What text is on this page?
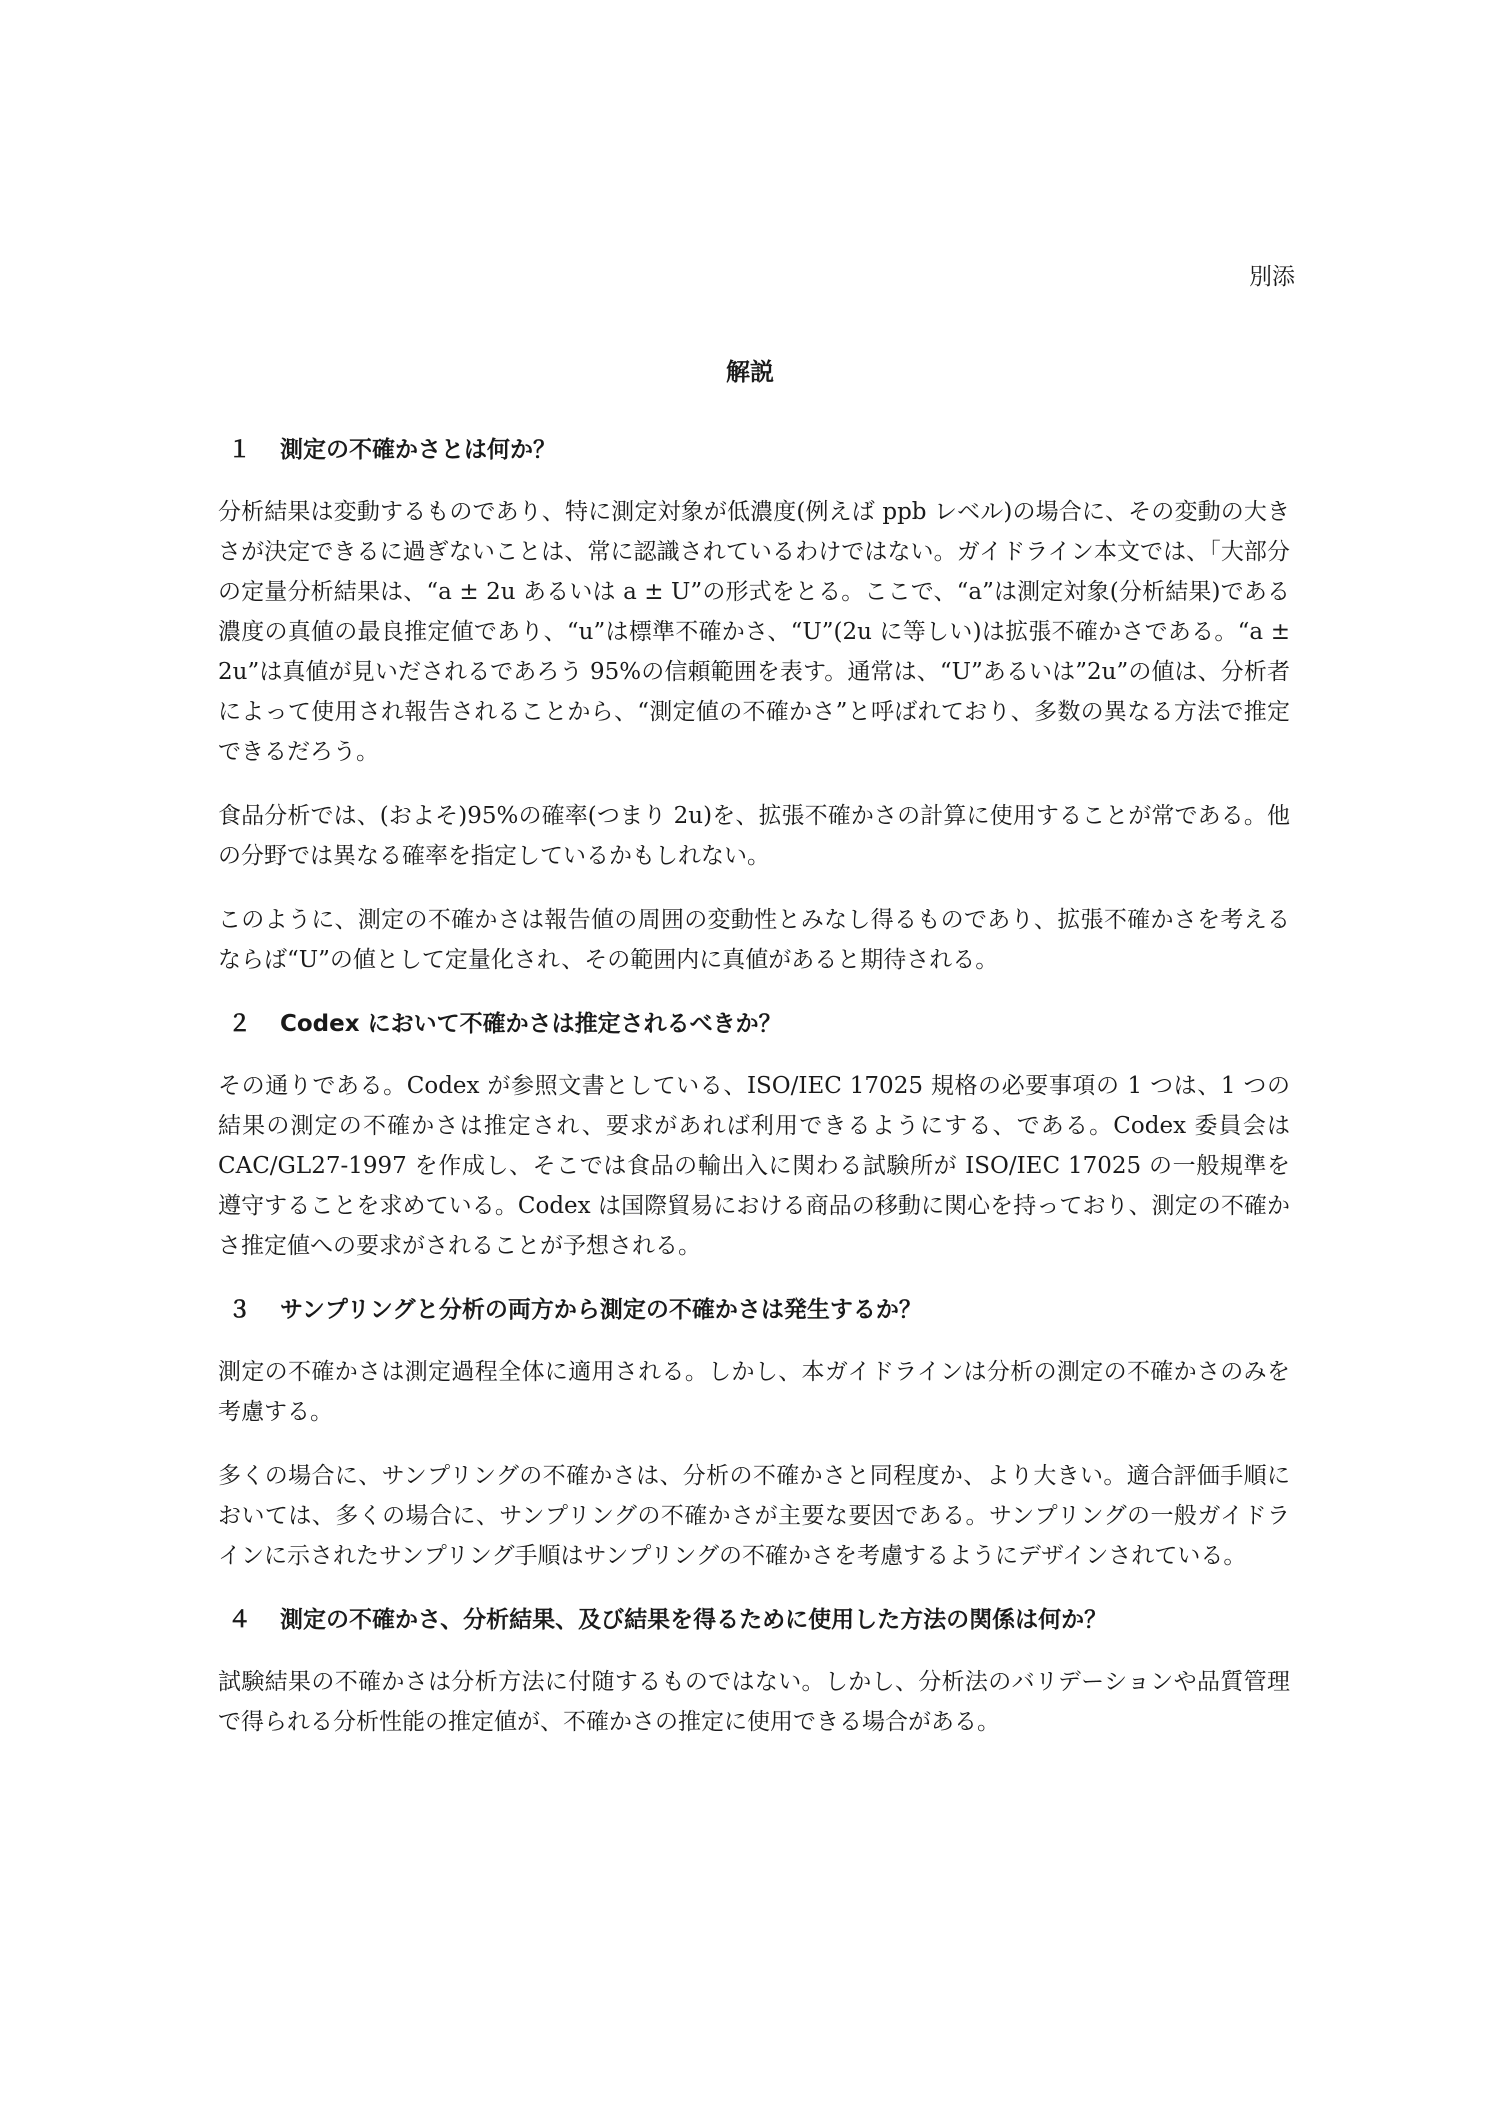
別添
解説
１ 測定の不確かさとは何か？

分析結果は変動するものであり、特に測定対象が低濃度(例えば ppb レベル)の場合に、その変動の大きさが決定できるに過ぎないことは、常に認識されているわけではない。ガイドライン本文では、「大部分の定量分析結果は、“a ± 2u あるいは a ± U”の形式をとる。ここで、“a”は測定対象(分析結果)である濃度の真値の最良推定値であり、“u”は標準不確かさ、“U”(2u に等しい)は拡張不確かさである。“a ± 2u”は真値が見いだされるであろう 95%の信頼範囲を表す。通常は、“U”あるいは”2u”の値は、分析者によって使用され報告されることから、“測定値の不確かさ”と呼ばれており、多数の異なる方法で推定できるだろう。

食品分析では、(およそ)95%の確率(つまり 2u)を、拡張不確かさの計算に使用することが常である。他の分野では異なる確率を指定しているかもしれない。

このように、測定の不確かさは報告値の周囲の変動性とみなし得るものであり、拡張不確かさを考えるならば“U”の値として定量化され、その範囲内に真値があると期待される。

２ Codex において不確かさは推定されるべきか？

その通りである。Codex が参照文書としている、ISO/IEC 17025 規格の必要事項の 1 つは、1 つの結果の測定の不確かさは推定され、要求があれば利用できるようにする、である。Codex 委員会は CAC/GL27-1997 を作成し、そこでは食品の輸出入に関わる試験所が ISO/IEC 17025 の一般規準を遵守することを求めている。Codex は国際貿易における商品の移動に関心を持っており、測定の不確かさ推定値への要求がされることが予想される。

３ サンプリングと分析の両方から測定の不確かさは発生するか？

測定の不確かさは測定過程全体に適用される。しかし、本ガイドラインは分析の測定の不確かさのみを考慮する。

多くの場合に、サンプリングの不確かさは、分析の不確かさと同程度か、より大きい。適合評価手順においては、多くの場合に、サンプリングの不確かさが主要な要因である。サンプリングの一般ガイドラインに示されたサンプリング手順はサンプリングの不確かさを考慮するようにデザインされている。

４ 測定の不確かさ、分析結果、及び結果を得るために使用した方法の関係は何か？

試験結果の不確かさは分析方法に付随するものではない。しかし、分析法のバリデーションや品質管理で得られる分析性能の推定値が、不確かさの推定に使用できる場合がある。
